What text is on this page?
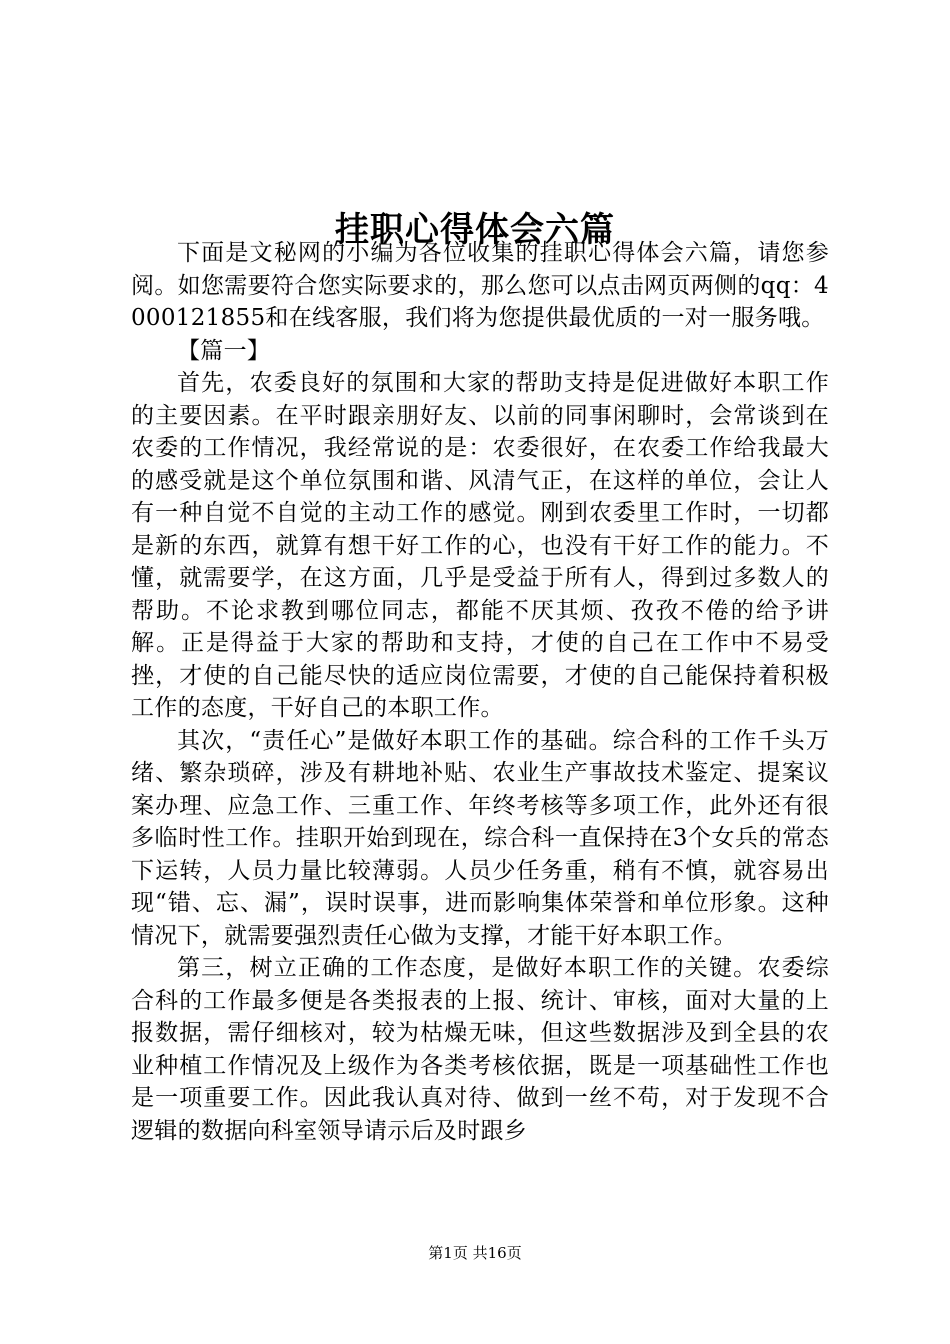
挂职心得体会六篇

下面是文秘网的小编为各位收集的挂职心得体会六篇，请您参阅。如您需要符合您实际要求的，那么您可以点击网页两侧的qq：4000121855和在线客服，我们将为您提供最优质的一对一服务哦。

【篇一】

首先，农委良好的氛围和大家的帮助支持是促进做好本职工作的主要因素。在平时跟亲朋好友、以前的同事闲聊时，会常谈到在农委的工作情况，我经常说的是：农委很好，在农委工作给我最大的感受就是这个单位氛围和谐、风清气正，在这样的单位，会让人有一种自觉不自觉的主动工作的感觉。刚到农委里工作时，一切都是新的东西，就算有想干好工作的心，也没有干好工作的能力。不懂，就需要学，在这方面，几乎是受益于所有人，得到过多数人的帮助。不论求教到哪位同志，都能不厌其烦、孜孜不倦的给予讲解。正是得益于大家的帮助和支持，才使的自己在工作中不易受挫，才使的自己能尽快的适应岗位需要，才使的自己能保持着积极工作的态度，干好自己的本职工作。

其次，“责任心”是做好本职工作的基础。综合科的工作千头万绪、繁杂琐碎，涉及有耕地补贴、农业生产事故技术鉴定、提案议案办理、应急工作、三重工作、年终考核等多项工作，此外还有很多临时性工作。挂职开始到现在，综合科一直保持在3个女兵的常态下运转，人员力量比较薄弱。人员少任务重，稍有不慎，就容易出现“错、忘、漏”，误时误事，进而影响集体荣誉和单位形象。这种情况下，就需要强烈责任心做为支撑，才能干好本职工作。

第三，树立正确的工作态度，是做好本职工作的关键。农委综合科的工作最多便是各类报表的上报、统计、审核，面对大量的上报数据，需仔细核对，较为枯燥无味，但这些数据涉及到全县的农业种植工作情况及上级作为各类考核依据，既是一项基础性工作也是一项重要工作。因此我认真对待、做到一丝不苟，对于发现不合逻辑的数据向科室领导请示后及时跟乡

第1页 共16页
